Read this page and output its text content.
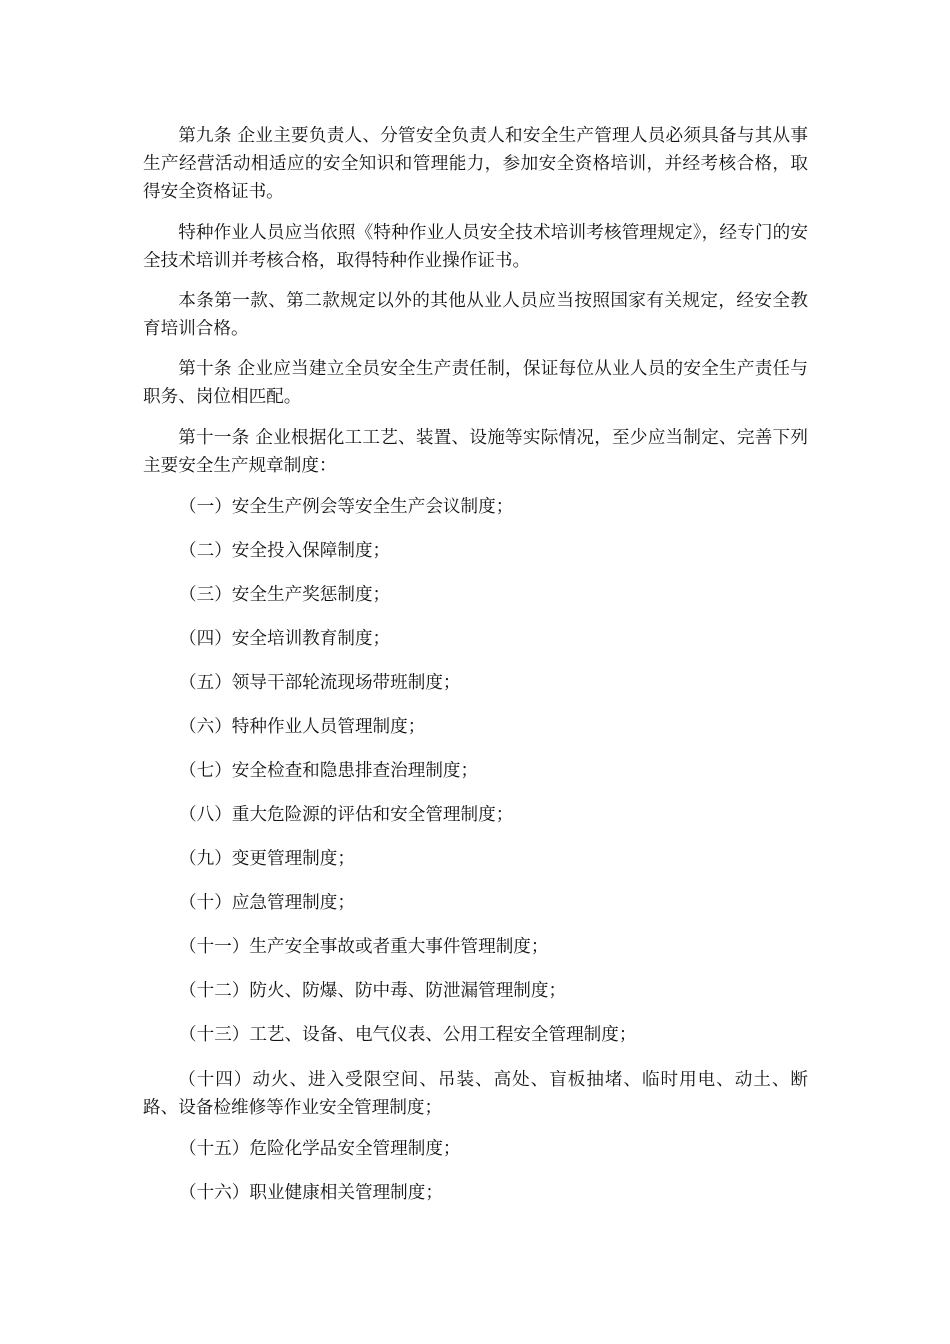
第九条 企业主要负责人、分管安全负责人和安全生产管理人员必须具备与其从事生产经营活动相适应的安全知识和管理能力，参加安全资格培训，并经考核合格，取得安全资格证书。

特种作业人员应当依照《特种作业人员安全技术培训考核管理规定》，经专门的安全技术培训并考核合格，取得特种作业操作证书。

本条第一款、第二款规定以外的其他从业人员应当按照国家有关规定，经安全教育培训合格。

第十条 企业应当建立全员安全生产责任制，保证每位从业人员的安全生产责任与职务、岗位相匹配。

第十一条 企业根据化工工艺、装置、设施等实际情况，至少应当制定、完善下列主要安全生产规章制度：

（一）安全生产例会等安全生产会议制度；

（二）安全投入保障制度；

（三）安全生产奖惩制度；

（四）安全培训教育制度；

（五）领导干部轮流现场带班制度；

（六）特种作业人员管理制度；

（七）安全检查和隐患排查治理制度；

（八）重大危险源的评估和安全管理制度；

（九）变更管理制度；

（十）应急管理制度；

（十一）生产安全事故或者重大事件管理制度；

（十二）防火、防爆、防中毒、防泄漏管理制度；

（十三）工艺、设备、电气仪表、公用工程安全管理制度；

（十四）动火、进入受限空间、吊装、高处、盲板抽堵、临时用电、动土、断路、设备检维修等作业安全管理制度；

（十五）危险化学品安全管理制度；

（十六）职业健康相关管理制度；
